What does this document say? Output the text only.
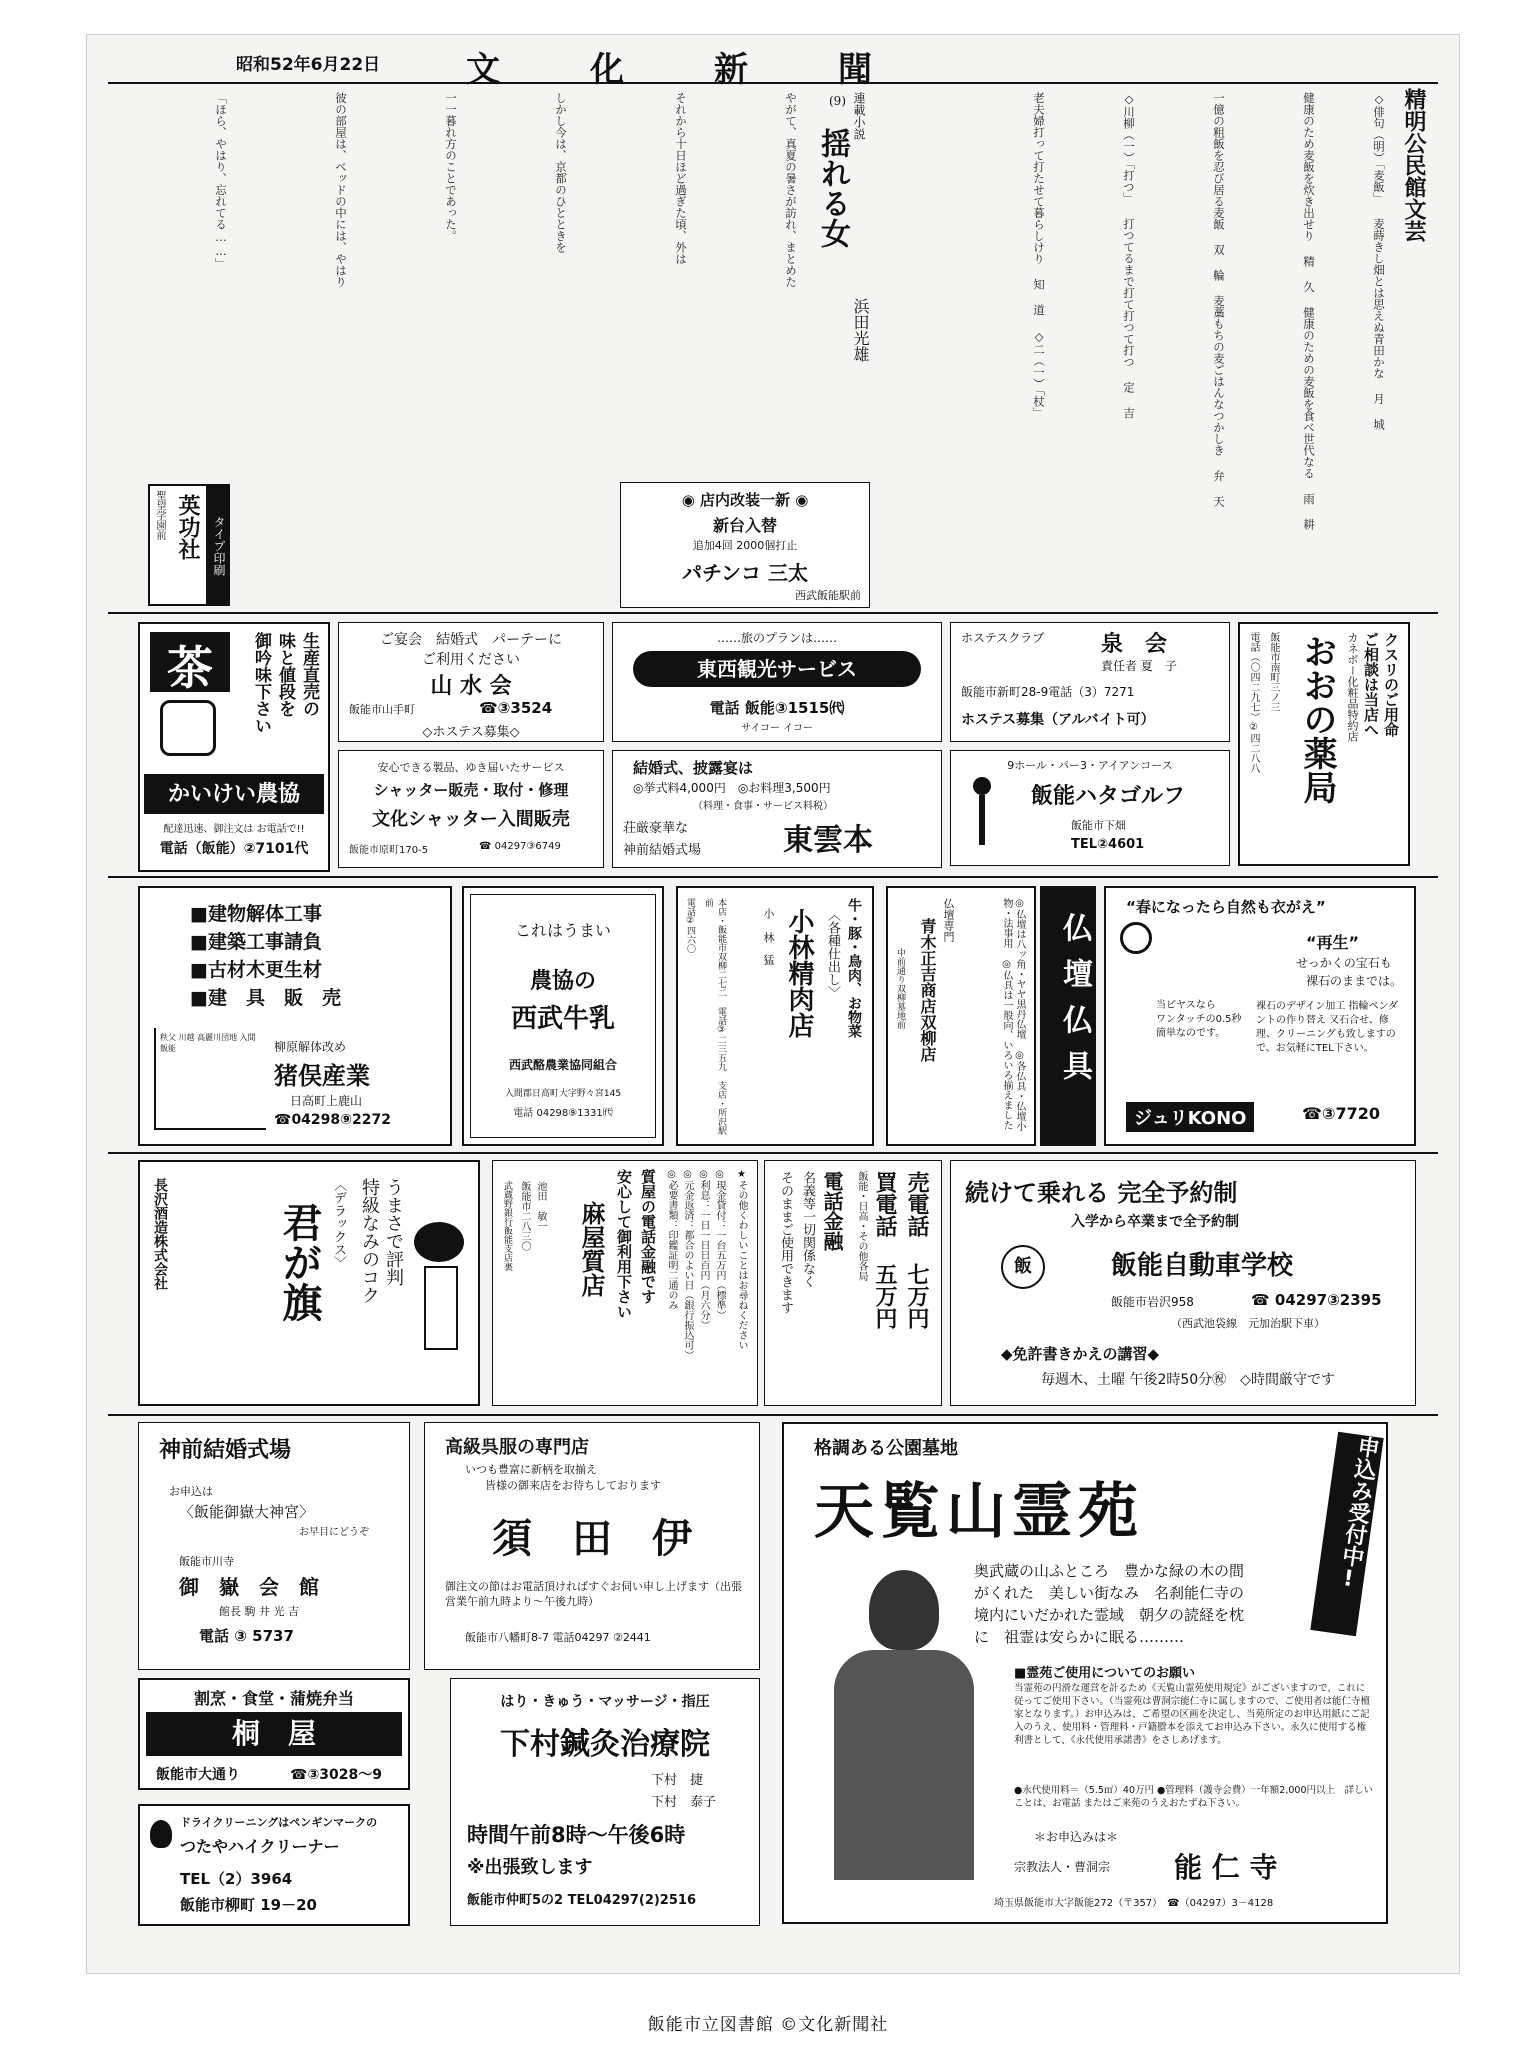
昭和52年6月22日	文化新聞
精明公民館文芸
◇俳句（明）「麦飯」 麦蒔きし畑とは思えぬ青田かな 月 城
健康のため麦飯を炊き出せり 精 久 健康のための麦飯を食べ世代なる 雨 耕
一億の粗飯を忍び居る麦飯 双 輪 麦藁もちの麦ごはんなつかしき 弁 天
◇川柳（一）「打つ」 打つてるまで打て打つて打つ 定 吉
老夫婦打って打たせて暮らしけり 知 道 ◇二（一）「杖」
連載小説
揺れる女
(9)
浜田光雄
やがて、真夏の暑さが訪れ、まとめた
それから十日ほど過ぎた頃、外は
しかし今は、京都のひとときを
一一暮れ方のことであった。
彼の部屋は、ベッドの中には、やはり
「ほら、やはり、忘れてる……」
タイプ印刷
英功社
聖望学園前	◉ 店内改装一新 ◉
新台入替
追加4回 2000個打止
パチンコ 三太
西武飯能駅前
生産直売の
味と値段を
御吟味下さい
茶
かいけい農協
配達迅速、御注文は お電話で!!
電話（飯能）②7101代
ご宴会　結婚式　パーテーに
ご利用ください
山 水 会
飯能市山手町	☎③3524
◇ホステス募集◇
……旅のプランは……
東西観光サービス
電話 飯能③1515㈹
サイコー イコー
ホステスクラブ	泉　会
責任者 夏　子
飯能市新町28-9電話（3）7271
ホステス募集（アルバイト可）	クスリのご用命
ご相談は当店へ
カネボー化粧品特約店
おおの薬局
飯能市南町三ノ三
電話（〇四二九七）②四二八八
安心できる製品、ゆき届いたサービス
シャッター販売・取付・修理
文化シャッター入間販売
飯能市原町170-5	☎ 04297③6749
結婚式、披露宴は
◎挙式料4,000円　◎お料理3,500円
（料理・食事・サービス料税）
荘厳豪華な
神前結婚式場	東雲本
9ホール・パー3・アイアンコース
飯能ハタゴルフ
飯能市下畑
TEL②4601
■建物解体工事
■建築工事請負
■古材木更生材
■建　具　販　売
秩父 川越 高麗川団地 入間 飯能	柳原解体改め
猪俣産業
日高町上鹿山
☎04298⑨2272
これはうまい
農協の
西武牛乳
西武酪農業協同組合
入間郡日高町大字野々宮145
電話 04298⑨1331㈹
牛・豚・鳥肉、お物菜
〈各種仕出し〉
小林精肉店
小 林　猛
本店・飯能市双柳二七二 電話③二三五九 支店・所沢駅前
電話②四六〇	◎仏壇は八ッ角・ヤヤ黒丹仏壇 ◎各仏具・仏壇小物・法事用 ◎仏具は一般向、いろいろ揃えました
仏壇専門
青木正吉商店双柳店
中前通り双柳墓地前	仏壇仏具
“春になったら自然も衣がえ”
“再生”
せっかくの宝石も
裸石のままでは。
当ピヤスなら
ワンタッチの0.5秒
簡単なのです。
裸石のデザイン加工 指輪ペンダントの作り替え 又石合せ、修理、クリーニングも致しますので、お気軽にTEL下さい。
ジュリKONO	☎③7720
うまさで評判
特級なみのコク
〈デラックス〉
君が旗
長沢酒造株式会社	★その他くわしいことはお尋ねください
◎現金貸付：一台五万円（標準）
◎利息：一日一日日百円（月六分）
◎元金返済：都合のよい日（銀行振込可）
◎必要書類：印鑑証明二通のみ
質屋の電話金融です
安心して御利用下さい
麻屋質店
池田　敏一
飯能市二八三〇
武蔵野銀行飯能支店裏	売電話 七万円
買電話 五万円
飯能・日高・その他各局
電話金融
名義等一切関係なく
そのままご使用できます	続けて乗れる 完全予約制
入学から卒業まで全予約制
飯	飯能自動車学校
飯能市岩沢958	☎ 04297③2395
（西武池袋線　元加治駅下車）
◆免許書きかえの講習◆
毎週木、土曜 午後2時50分㊗　◇時間厳守です
神前結婚式場
お申込は
〈飯能御嶽大神宮〉
お早目にどうぞ
飯能市川寺
御　嶽　会　館
館長 駒 井 光 吉
電話 ③ 5737
高級呉服の専門店
いつも豊富に新柄を取揃え
皆様の御来店をお待ちしております
須　田　伊
御注文の節はお電話頂ければすぐお伺い申し上げます（出張営業午前九時より〜午後九時）
飯能市八幡町8-7 電話04297 ②2441
格調ある公園墓地
天覧山霊苑	申込み受付中!
奥武蔵の山ふところ　豊かな緑の木の間
がくれた　美しい街なみ　名刹能仁寺の
境内にいだかれた霊域　朝夕の読経を枕
に　祖霊は安らかに眠る………
■霊苑ご使用についてのお願い
当霊苑の円滑な運営を計るため《天覧山霊苑使用規定》がございますので、これに従ってご使用下さい。（当霊苑は曹洞宗能仁寺に属しますので、ご使用者は能仁寺檀家となります。）お申込みは、ご希望の区画を決定し、当苑所定のお申込用紙にご記入のうえ、使用料・管理料・戸籍謄本を添えてお申込み下さい。永久に使用する権利書として、《永代使用承諾書》をさしあげます。
●永代使用料＝（5.5㎡）40万円 ●管理料（護寺会費）一年額2,000円以上　詳しいことは、お電話 またはご来苑のうえおたずね下さい。
＊お申込みは＊
宗教法人・曹洞宗 能 仁 寺
埼玉県飯能市大字飯能272（〒357）　☎（04297）3－4128
割烹・食堂・蒲焼弁当
桐　屋
飯能市大通り	☎③3028～9
ドライクリーニングはペンギンマークの
つたやハイクリーナー
TEL（2）3964
飯能市柳町 19－20
はり・きゅう・マッサージ・指圧
下村鍼灸治療院
下村　捷
下村　泰子
時間午前8時〜午後6時
※出張致します
飯能市仲町5の2 TEL04297(2)2516
飯能市立図書館 ©文化新聞社
